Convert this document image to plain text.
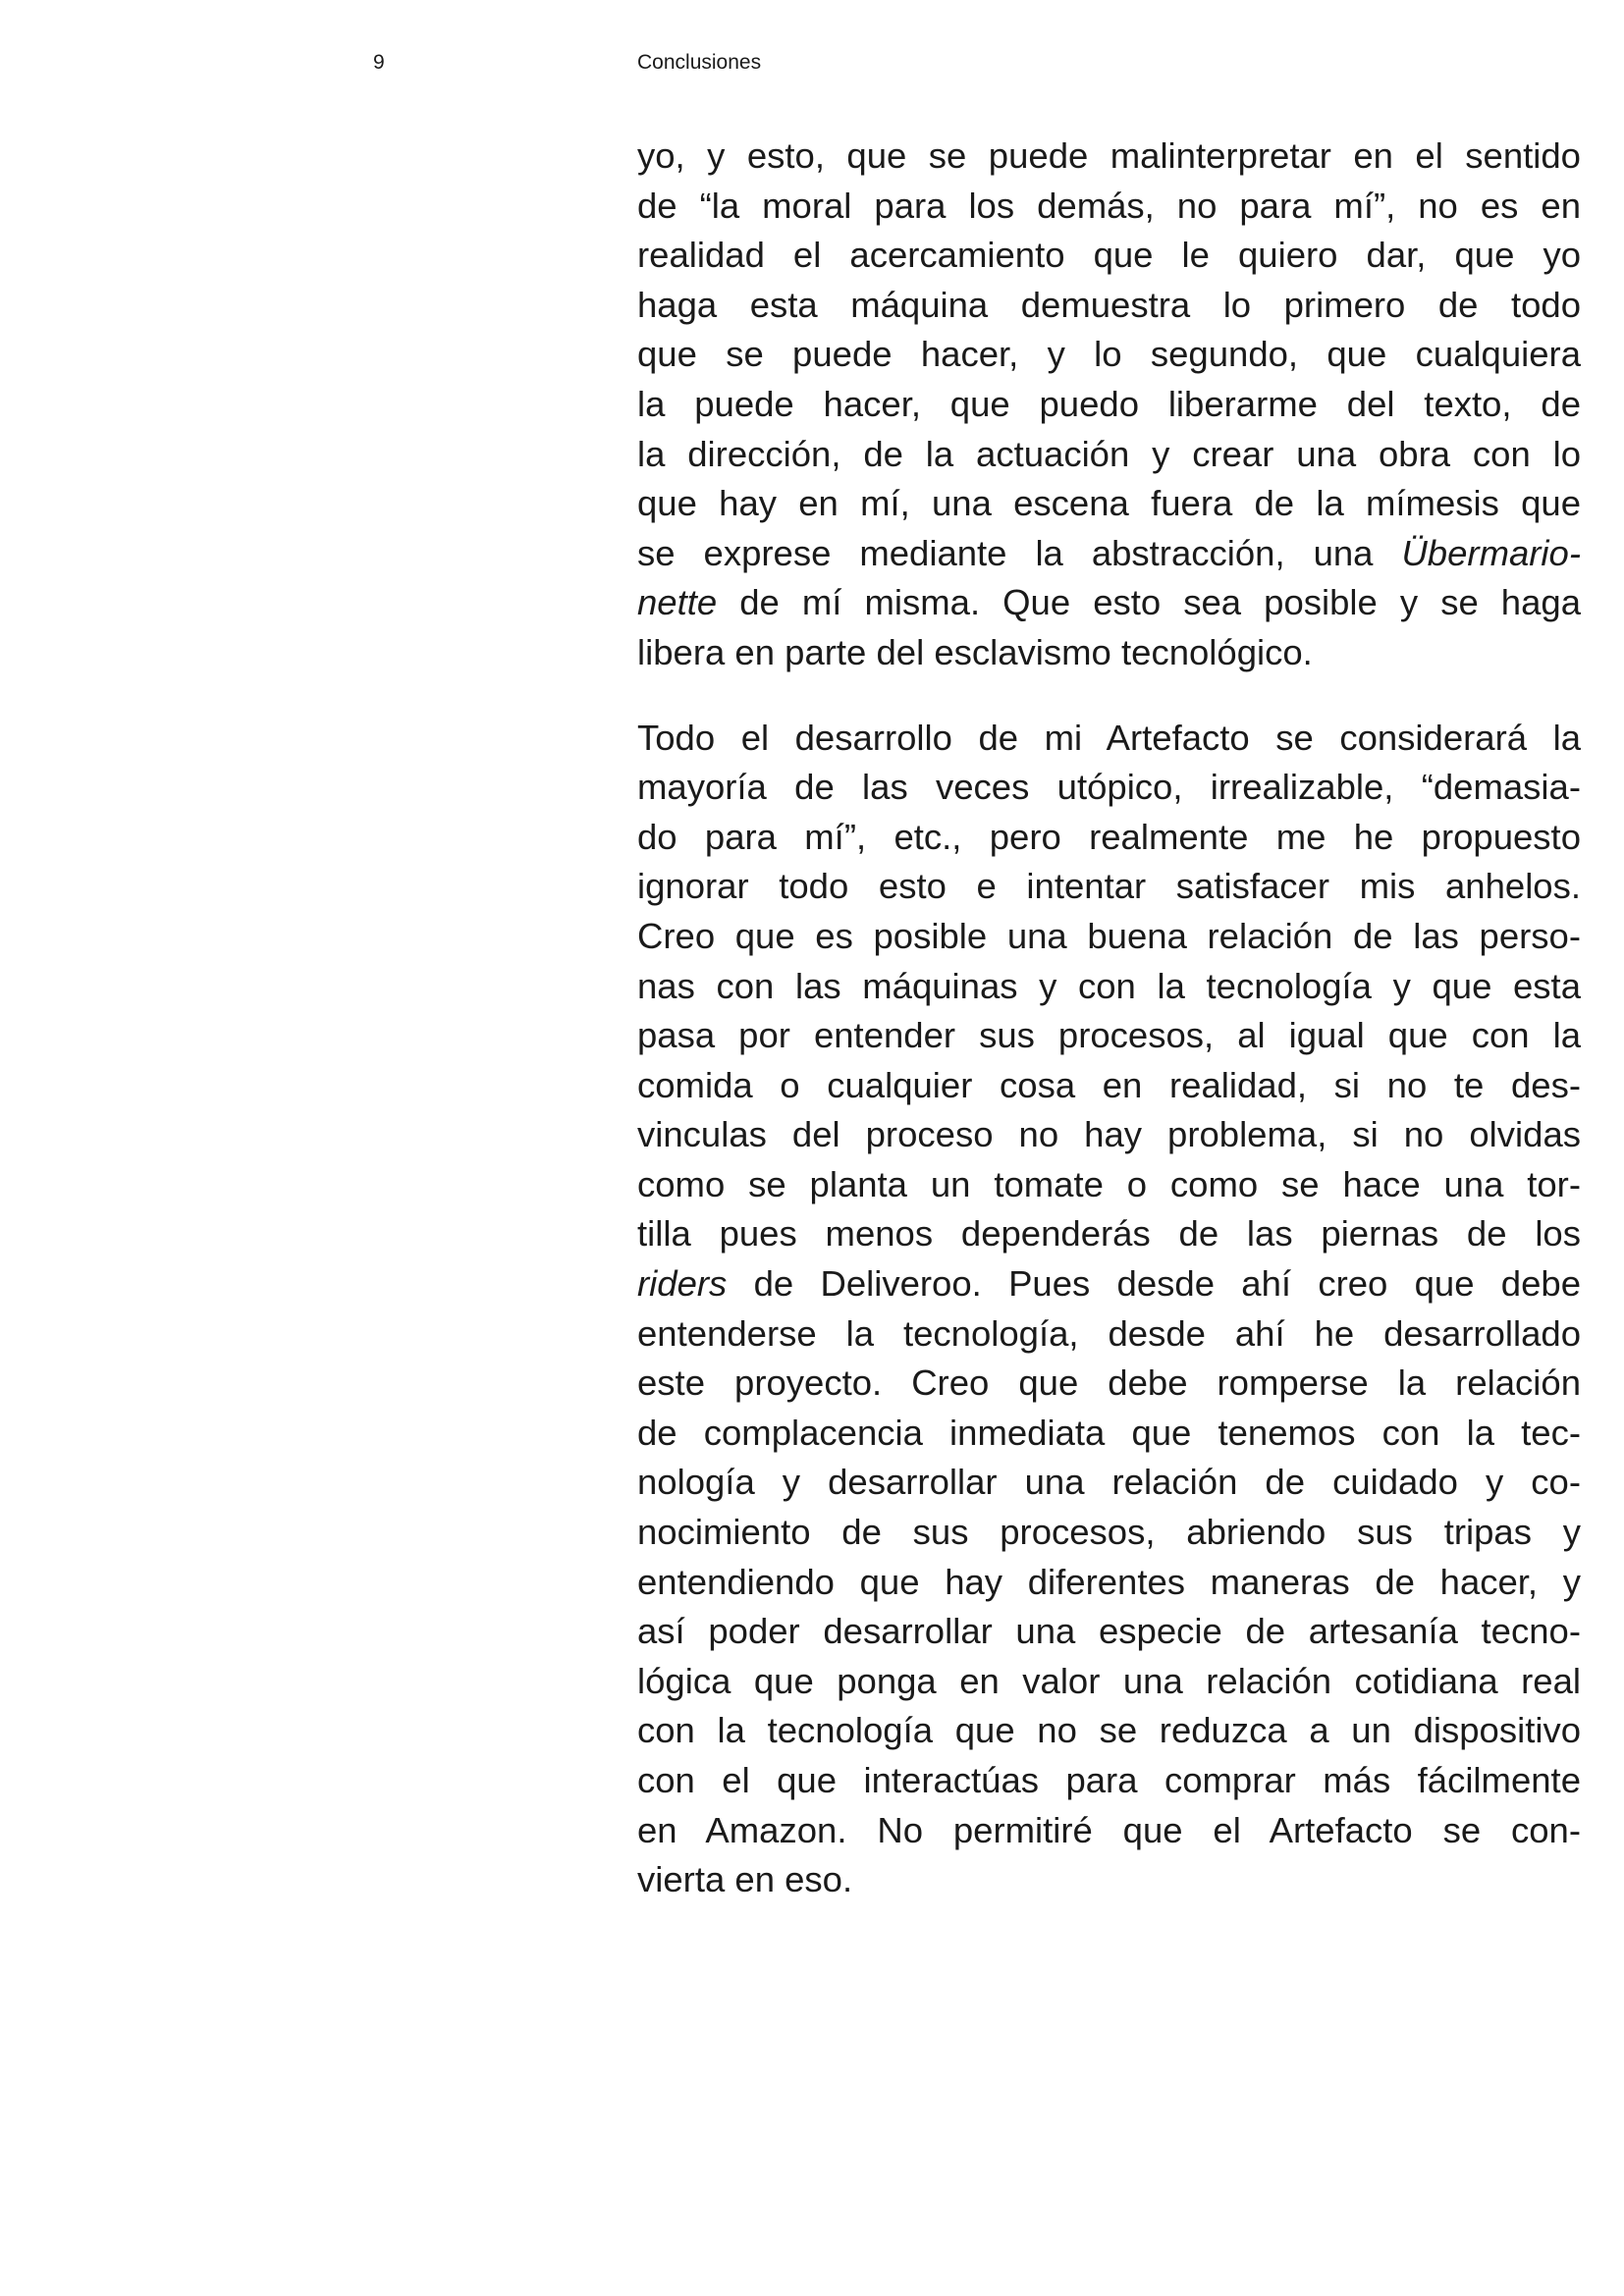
9	Conclusiones

yo, y esto, que se puede malinterpretar en el sentido
de “la moral para los demás, no para mí”, no es en
realidad el acercamiento que le quiero dar, que yo
haga esta máquina demuestra lo primero de todo
que se puede hacer, y lo segundo, que cualquiera
la puede hacer, que puedo liberarme del texto, de
la dirección, de la actuación y crear una obra con lo
que hay en mí, una escena fuera de la mímesis que
se exprese mediante la abstracción, una Übermario-
nette de mí misma. Que esto sea posible y se haga
libera en parte del esclavismo tecnológico.

Todo el desarrollo de mi Artefacto se considerará la
mayoría de las veces utópico, irrealizable, “demasia-
do para mí”, etc., pero realmente me he propuesto
ignorar todo esto e intentar satisfacer mis anhelos.
Creo que es posible una buena relación de las perso-
nas con las máquinas y con la tecnología y que esta
pasa por entender sus procesos, al igual que con la
comida o cualquier cosa en realidad, si no te des-
vinculas del proceso no hay problema, si no olvidas
como se planta un tomate o como se hace una tor-
tilla pues menos dependerás de las piernas de los
riders de Deliveroo. Pues desde ahí creo que debe
entenderse la tecnología, desde ahí he desarrollado
este proyecto. Creo que debe romperse la relación
de complacencia inmediata que tenemos con la tec-
nología y desarrollar una relación de cuidado y co-
nocimiento de sus procesos, abriendo sus tripas y
entendiendo que hay diferentes maneras de hacer, y
así poder desarrollar una especie de artesanía tecno-
lógica que ponga en valor una relación cotidiana real
con la tecnología que no se reduzca a un dispositivo
con el que interactúas para comprar más fácilmente
en Amazon. No permitiré que el Artefacto se con-
vierta en eso.
